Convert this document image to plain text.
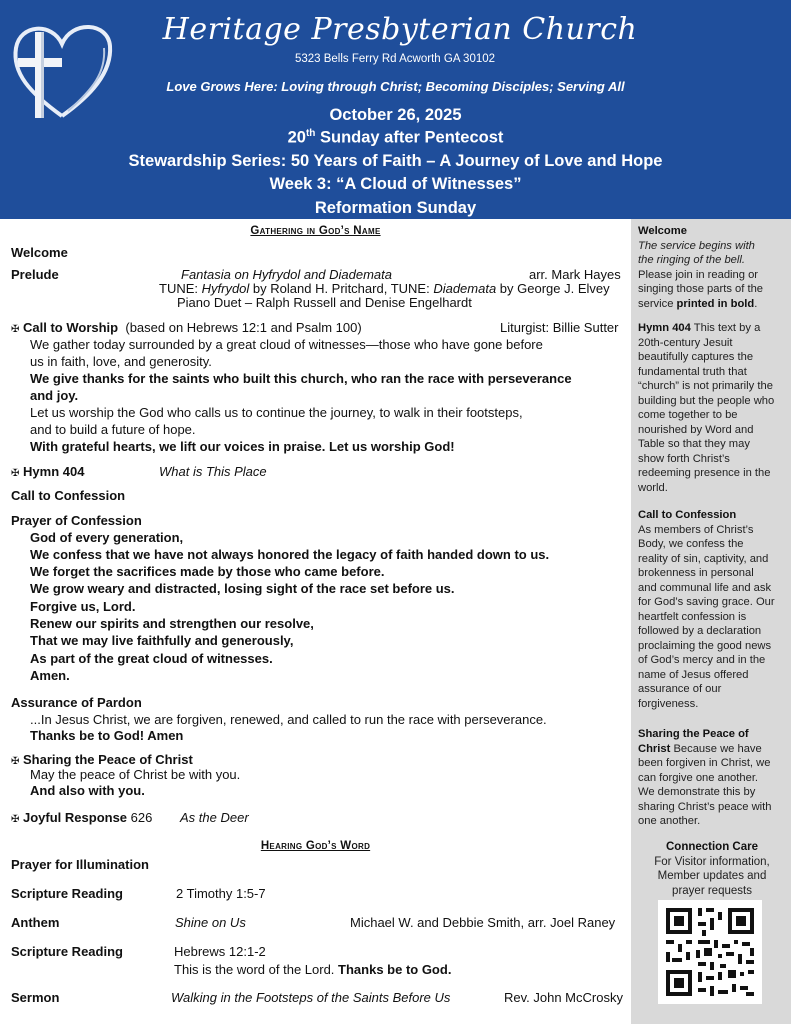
Heritage Presbyterian Church
5323 Bells Ferry Rd Acworth GA 30102
Love Grows Here: Loving through Christ; Becoming Disciples; Serving All
October 26, 2025
20th Sunday after Pentecost
Stewardship Series: 50 Years of Faith – A Journey of Love and Hope
Week 3: “A Cloud of Witnesses”
Reformation Sunday
Gathering in God’s Name
Welcome
Prelude	Fantasia on Hyfrydol and Diademata	arr. Mark Hayes
TUNE: Hyfrydol by Roland H. Pritchard, TUNE: Diademata by George J. Elvey
Piano Duet – Ralph Russell and Denise Engelhardt
✠ Call to Worship (based on Hebrews 12:1 and Psalm 100)	Liturgist: Billie Sutter
We gather today surrounded by a great cloud of witnesses—those who have gone before
us in faith, love, and generosity.
We give thanks for the saints who built this church, who ran the race with perseverance
and joy.
Let us worship the God who calls us to continue the journey, to walk in their footsteps,
and to build a future of hope.
With grateful hearts, we lift our voices in praise. Let us worship God!
✠ Hymn 404	What is This Place
Call to Confession
Prayer of Confession
God of every generation,
We confess that we have not always honored the legacy of faith handed down to us.
We forget the sacrifices made by those who came before.
We grow weary and distracted, losing sight of the race set before us.
Forgive us, Lord.
Renew our spirits and strengthen our resolve,
That we may live faithfully and generously,
As part of the great cloud of witnesses.
Amen.
Assurance of Pardon
...In Jesus Christ, we are forgiven, renewed, and called to run the race with perseverance.
Thanks be to God! Amen
✠ Sharing the Peace of Christ
May the peace of Christ be with you.
And also with you.
✠ Joyful Response 626 As the Deer
Hearing God’s Word
Prayer for Illumination
Scripture Reading	2 Timothy 1:5-7
Anthem	Shine on Us	Michael W. and Debbie Smith, arr. Joel Raney
Scripture Reading	Hebrews 12:1-2
This is the word of the Lord. Thanks be to God.
Sermon	Walking in the Footsteps of the Saints Before Us	Rev. John McCrosky
Welcome
The service begins with
the ringing of the bell.
Please join in reading or
singing those parts of the
service printed in bold.
Hymn 404 This text by a
20th-century Jesuit
beautifully captures the
fundamental truth that
“church” is not primarily the
building but the people who
come together to be
nourished by Word and
Table so that they may
show forth Christ’s
redeeming presence in the
world.
Call to Confession
As members of Christ’s
Body, we confess the
reality of sin, captivity, and
brokenness in personal
and communal life and ask
for God’s saving grace. Our
heartfelt confession is
followed by a declaration
proclaiming the good news
of God’s mercy and in the
name of Jesus offered
assurance of our
forgiveness.
Sharing the Peace of
Christ Because we have
been forgiven in Christ, we
can forgive one another.
We demonstrate this by
sharing Christ’s peace with
one another.
Connection Care
For Visitor information,
Member updates and
prayer requests
